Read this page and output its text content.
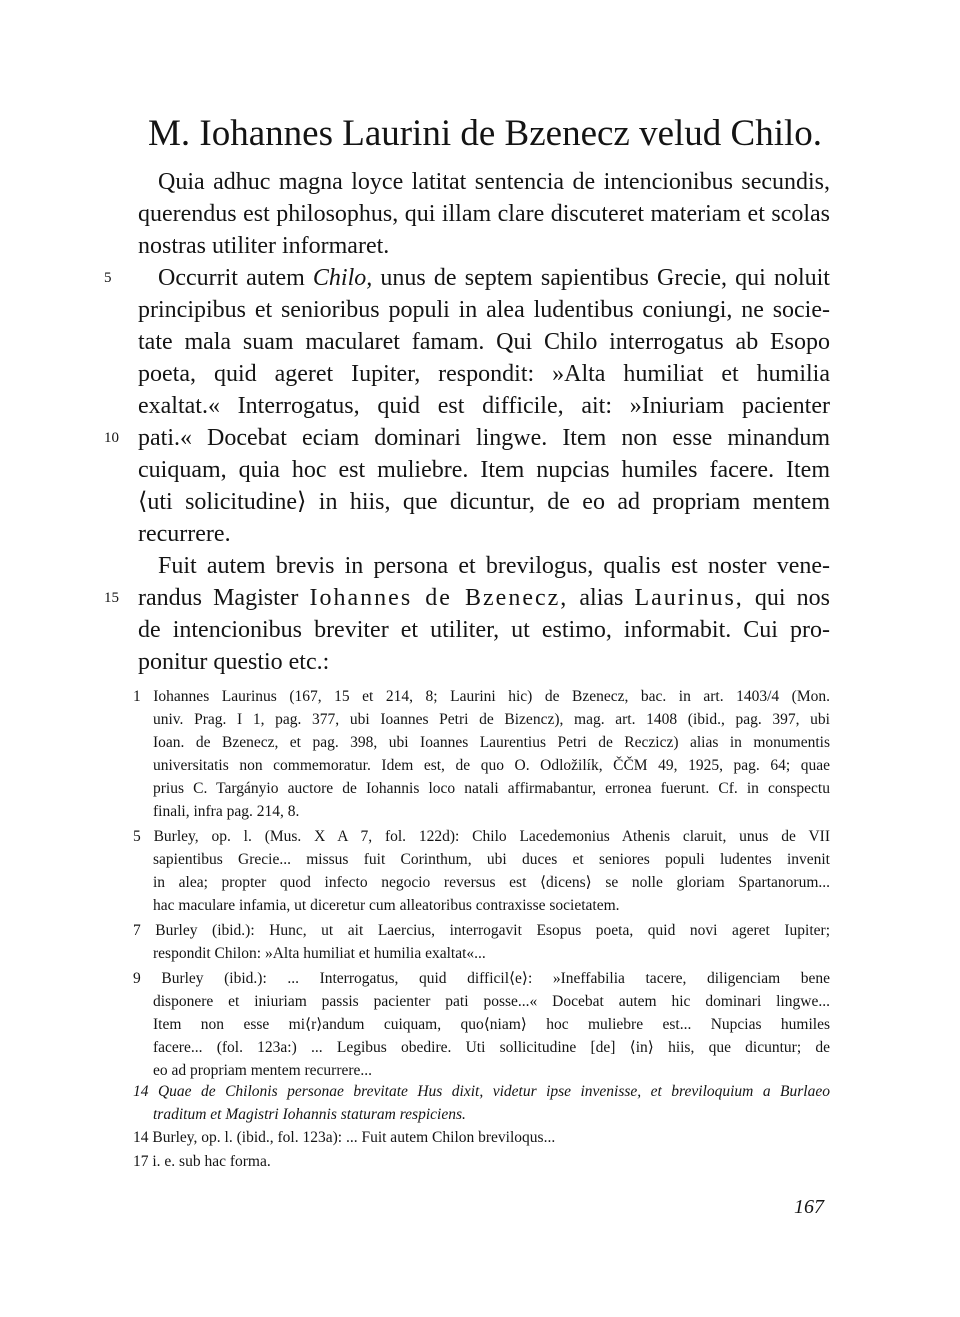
M. Iohannes Laurini de Bzenecz velud Chilo.
Quia adhuc magna loyce latitat sentencia de intencionibus secundis,
querendus est philosophus, qui illam clare discuteret materiam et scolas
nostras utiliter informaret.
5 Occurrit autem Chilo, unus de septem sapientibus Grecie, qui noluit
principibus et senioribus populi in alea ludentibus coniungi, ne socie-
tate mala suam macularet famam. Qui Chilo interrogatus ab Esopo
poeta, quid ageret Iupiter, respondit: »Alta humiliat et humilia
exaltat.« Interrogatus, quid est difficile, ait: »Iniuriam pacienter
10 pati.« Docebat eciam dominari lingwe. Item non esse minandum
cuiquam, quia hoc est muliebre. Item nupcias humiles facere. Item
⟨uti solicitudine⟩ in hiis, que dicuntur, de eo ad propriam mentem
recurrere.
Fuit autem brevis in persona et brevilogus, qualis est noster vene-
15 randus Magister Iohannes de Bzenecz, alias Laurinus, qui nos
de intencionibus breviter et utiliter, ut estimo, informabit. Cui pro-
ponitur questio etc.:
1 Iohannes Laurinus (167, 15 et 214, 8; Laurini hic) de Bzenecz, bac. in art. 1403/4 (Mon.
univ. Prag. I 1, pag. 377, ubi Ioannes Petri de Bizencz), mag. art. 1408 (ibid., pag. 397, ubi
Ioan. de Bzenecz, et pag. 398, ubi Ioannes Laurentius Petri de Reczicz) alias in monumentis
universitatis non commemoratur. Idem est, de quo O. Odložilík, ČČM 49, 1925, pag. 64; quae
prius C. Targányio auctore de Iohannis loco natali affirmabantur, erronea fuerunt. Cf. in conspectu
finali, infra pag. 214, 8.
5 Burley, op. l. (Mus. X A 7, fol. 122d): Chilo Lacedemonius Athenis claruit, unus de VII
sapientibus Grecie... missus fuit Corinthum, ubi duces et seniores populi ludentes invenit
in alea; propter quod infecto negocio reversus est ⟨dicens⟩ se nolle gloriam Spartanorum...
hac maculare infamia, ut diceretur cum alleatoribus contraxisse societatem.
7 Burley (ibid.): Hunc, ut ait Laercius, interrogavit Esopus poeta, quid novi ageret Iupiter;
respondit Chilon: »Alta humiliat et humilia exaltat«...
9 Burley (ibid.): ... Interrogatus, quid difficil⟨e⟩: »Ineffabilia tacere, diligenciam bene
disponere et iniuriam passis pacienter pati posse...« Docebat autem hic dominari lingwe...
Item non esse mi⟨r⟩andum cuiquam, quo⟨niam⟩ hoc muliebre est... Nupcias humiles
facere... (fol. 123a:) ... Legibus obedire. Uti sollicitudine [de] ⟨in⟩ hiis, que dicuntur; de
eo ad propriam mentem recurrere...
14 Quae de Chilonis personae brevitate Hus dixit, videtur ipse invenisse, et breviloquium a Burlaeo
traditum et Magistri Iohannis staturam respiciens.
14 Burley, op. l. (ibid., fol. 123a): ... Fuit autem Chilon breviloqus...
17 i. e. sub hac forma.
167
